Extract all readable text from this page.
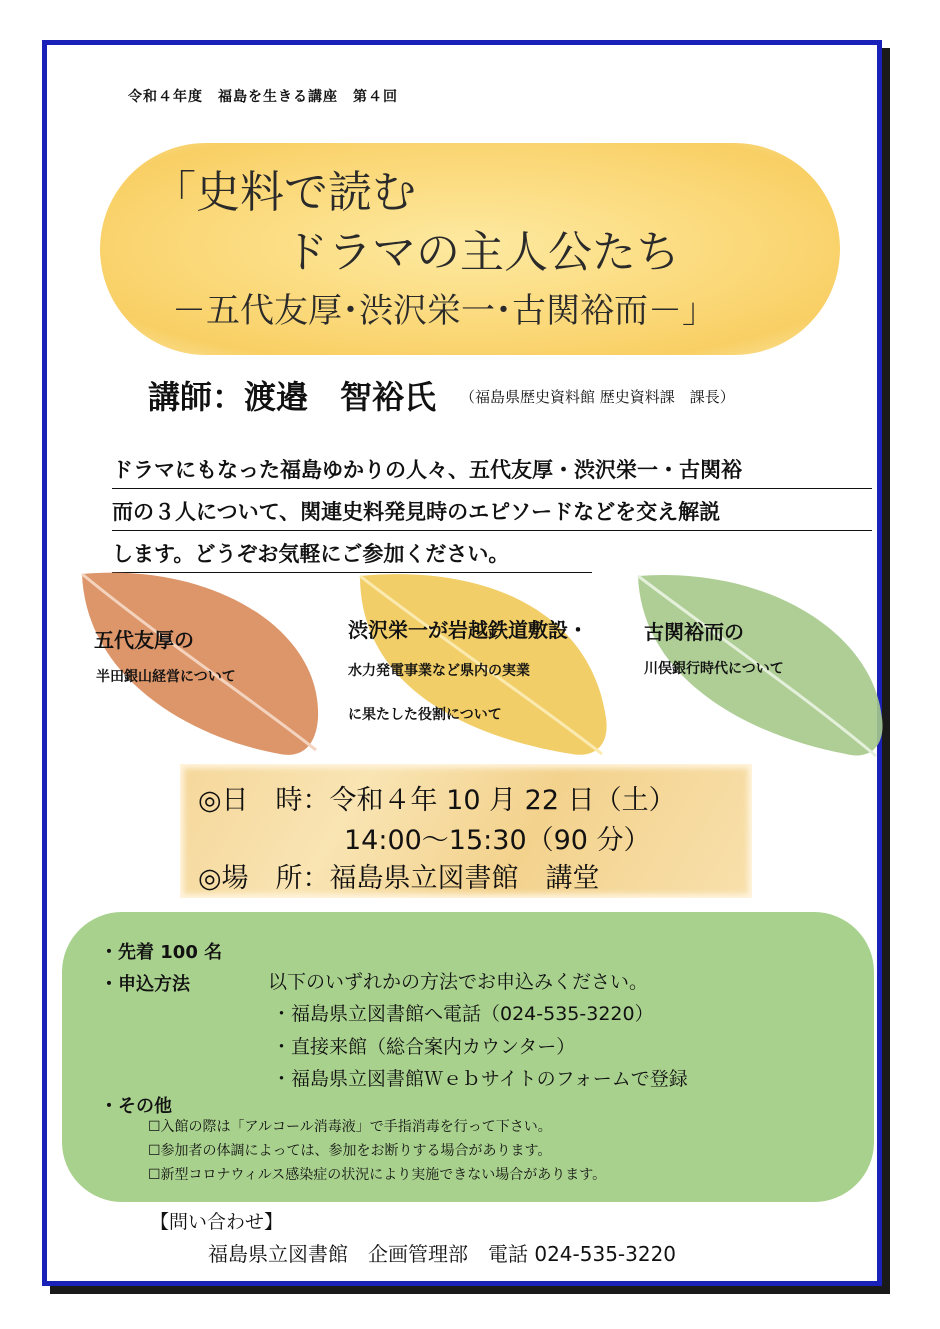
令和４年度　福島を生きる講座　第４回
「史料で読む
ドラマの主人公たち
－五代友厚･渋沢栄一･古関裕而－」
講師：渡邉　智裕氏 （福島県歴史資料館 歴史資料課　課長）
ドラマにもなった福島ゆかりの人々、五代友厚・渋沢栄一・古関裕
而の３人について、関連史料発見時のエピソードなどを交え解説
します。どうぞお気軽にご参加ください。
五代友厚の
半田銀山経営について
渋沢栄一が岩越鉄道敷設・
水力発電事業など県内の実業
に果たした役割について
古関裕而の
川俣銀行時代について
◎日　時：令和４年 10 月 22 日（土）
14:00～15:30（90 分）
◎場　所：福島県立図書館　講堂
・先着 100 名
・申込方法	以下のいずれかの方法でお申込みください。
・福島県立図書館へ電話（024-535-3220）
・直接来館（総合案内カウンター）
・福島県立図書館Ｗｅｂサイトのフォームで登録
・その他
☐入館の際は「アルコール消毒液」で手指消毒を行って下さい。
☐参加者の体調によっては、参加をお断りする場合があります。
☐新型コロナウィルス感染症の状況により実施できない場合があります。
【問い合わせ】
福島県立図書館　企画管理部　電話 024-535-3220
